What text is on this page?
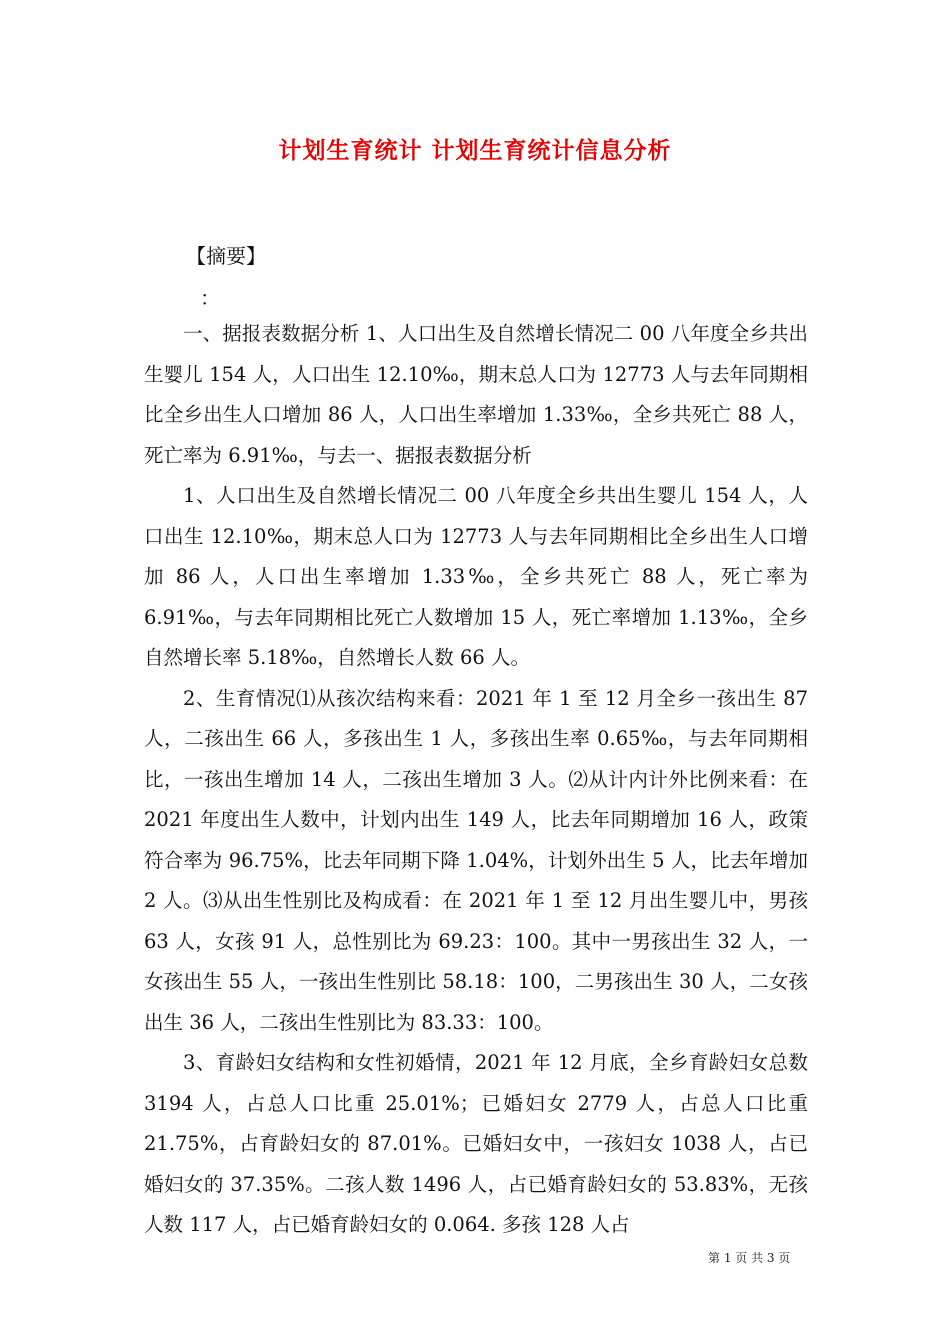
计划生育统计 计划生育统计信息分析
【摘要】
：

一、据报表数据分析 1、人口出生及自然增长情况二 00 八年度全乡共出生婴儿 154 人，人口出生 12.10‰，期末总人口为 12773 人与去年同期相比全乡出生人口增加 86 人，人口出生率增加 1.33‰，全乡共死亡 88 人，死亡率为 6.91‰，与去一、据报表数据分析

1、人口出生及自然增长情况二 00 八年度全乡共出生婴儿 154 人，人口出生 12.10‰，期末总人口为 12773 人与去年同期相比全乡出生人口增加 86 人，人口出生率增加 1.33‰，全乡共死亡 88 人，死亡率为 6.91‰，与去年同期相比死亡人数增加 15 人，死亡率增加 1.13‰，全乡自然增长率 5.18‰，自然增长人数 66 人。

2、生育情况⑴从孩次结构来看：2021 年 1 至 12 月全乡一孩出生 87 人，二孩出生 66 人，多孩出生 1 人，多孩出生率 0.65‰，与去年同期相比，一孩出生增加 14 人，二孩出生增加 3 人。⑵从计内计外比例来看：在 2021 年度出生人数中，计划内出生 149 人，比去年同期增加 16 人，政策符合率为 96.75%，比去年同期下降 1.04%，计划外出生 5 人，比去年增加 2 人。⑶从出生性别比及构成看：在 2021 年 1 至 12 月出生婴儿中，男孩 63 人，女孩 91 人，总性别比为 69.23：100。其中一男孩出生 32 人，一女孩出生 55 人，一孩出生性别比 58.18：100，二男孩出生 30 人，二女孩出生 36 人，二孩出生性别比为 83.33：100。

3、育龄妇女结构和女性初婚情，2021 年 12 月底，全乡育龄妇女总数 3194 人，占总人口比重 25.01%；已婚妇女 2779 人，占总人口比重 21.75%，占育龄妇女的 87.01%。已婚妇女中，一孩妇女 1038 人，占已婚妇女的 37.35%。二孩人数 1496 人，占已婚育龄妇女的 53.83%，无孩人数 117 人，占已婚育龄妇女的 0.064. 多孩 128 人占

第 1 页 共 3 页
